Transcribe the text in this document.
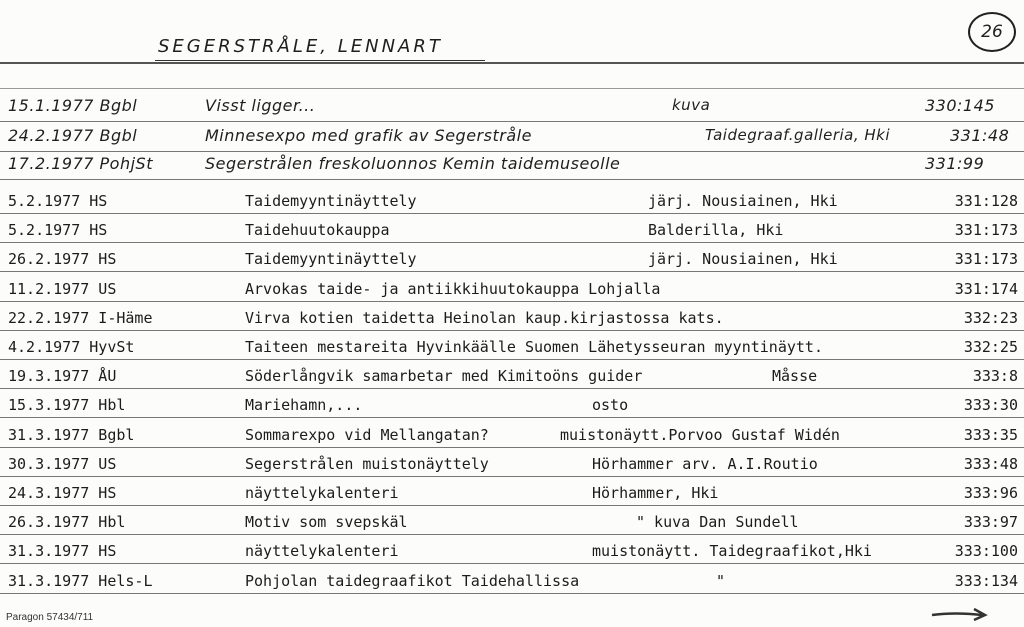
26
SEGERSTRÅLE, LENNART
15.1.1977 Bgbl	Visst ligger...	kuva	330:145
24.2.1977 Bgbl	Minnesexpo med grafik av Segerstråle	Taidegraaf.galleria, Hki	331:48
17.2.1977 PohjSt	Segerstrålen freskoluonnos Kemin taidemuseolle	331:99
5.2.1977 HS	Taidemyyntinäyttely	järj. Nousiainen, Hki	331:128
5.2.1977 HS	Taidehuutokauppa	Balderilla, Hki	331:173
26.2.1977 HS	Taidemyyntinäyttely	järj. Nousiainen, Hki	331:173
11.2.1977 US	Arvokas taide- ja antiikkihuutokauppa Lohjalla	331:174
22.2.1977 I-Häme	Virva kotien taidetta Heinolan kaup.kirjastossa kats.	332:23
4.2.1977 HyvSt	Taiteen mestareita Hyvinkäälle Suomen Lähetysseuran myyntinäytt.	332:25
19.3.1977 ÅU	Söderlångvik samarbetar med Kimitoöns guider	Måsse	333:8
15.3.1977 Hbl	Mariehamn,...	osto	333:30
31.3.1977 Bgbl	Sommarexpo vid Mellangatan?	muistonäytt.Porvoo Gustaf Widén	333:35
30.3.1977 US	Segerstrålen muistonäyttely	Hörhammer arv. A.I.Routio	333:48
24.3.1977 HS	näyttelykalenteri	Hörhammer, Hki	333:96
26.3.1977 Hbl	Motiv som svepskäl	" kuva Dan Sundell	333:97
31.3.1977 HS	näyttelykalenteri	muistonäytt. Taidegraafikot,Hki	333:100
31.3.1977 Hels-L	Pohjolan taidegraafikot Taidehallissa	"	333:134
Paragon 57434/711
